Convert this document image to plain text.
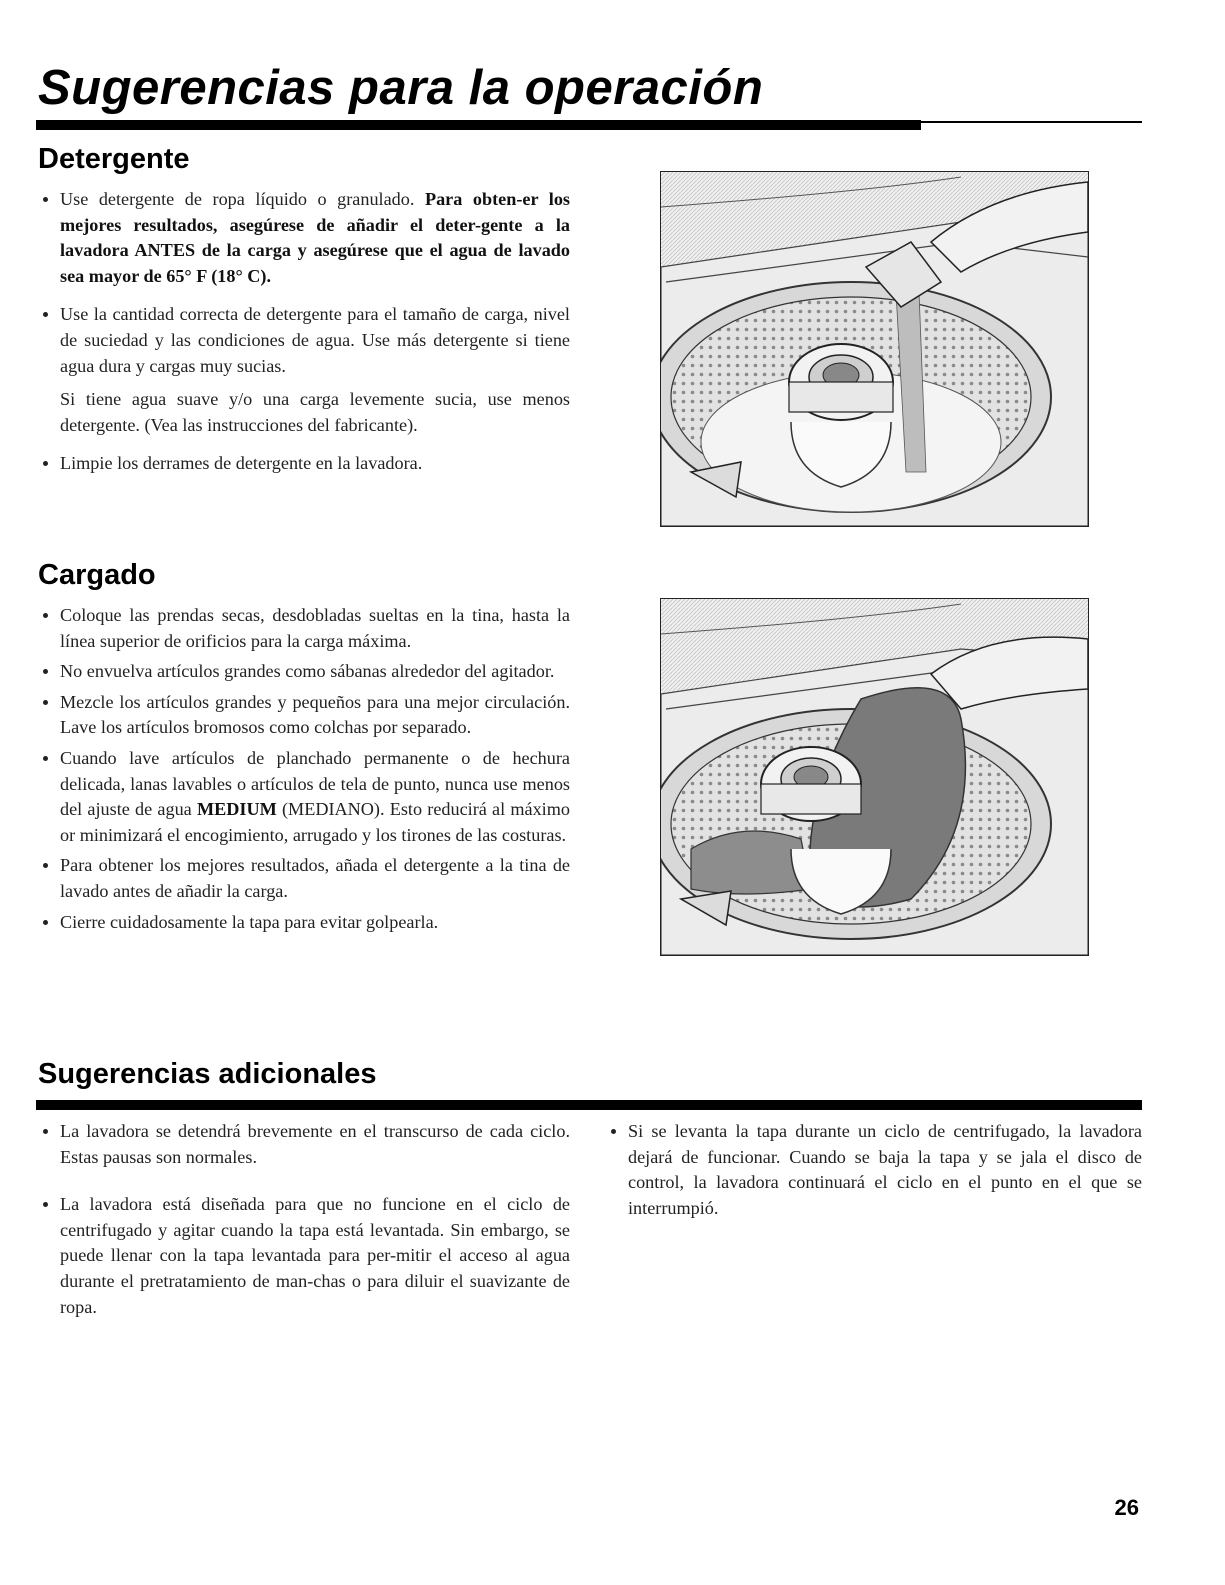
Sugerencias para la operación
Detergente
Use detergente de ropa líquido o granulado. Para obten-er los mejores resultados, asegúrese de añadir el deter-gente a la lavadora ANTES de la carga y asegúrese que el agua de lavado sea mayor de 65° F (18° C).
Use la cantidad correcta de detergente para el tamaño de carga, nivel de suciedad y las condiciones de agua. Use más detergente si tiene agua dura y cargas muy sucias.
Si tiene agua suave y/o una carga levemente sucia, use menos detergente. (Vea las instrucciones del fabricante).
Limpie los derrames de detergente en la lavadora.
Cargado
Coloque las prendas secas, desdobladas sueltas en la tina, hasta la línea superior de orificios para la carga máxima.
No envuelva artículos grandes como sábanas alrededor del agitador.
Mezcle los artículos grandes y pequeños para una mejor circulación. Lave los artículos bromosos como colchas por separado.
Cuando lave artículos de planchado permanente o de hechura delicada, lanas lavables o artículos de tela de punto, nunca use menos del ajuste de agua MEDIUM (MEDIANO). Esto reducirá al máximo or minimizará el encogimiento, arrugado y los tirones de las costuras.
Para obtener los mejores resultados, añada el detergente a la tina de lavado antes de añadir la carga.
Cierre cuidadosamente la tapa para evitar golpearla.
Sugerencias adicionales
La lavadora se detendrá brevemente en el transcurso de cada ciclo. Estas pausas son normales.
La lavadora está diseñada para que no funcione en el ciclo de centrifugado y agitar cuando la tapa está levantada. Sin embargo, se puede llenar con la tapa levantada para per-mitir el acceso al agua durante el pretratamiento de man-chas o para diluir el suavizante de ropa.
Si se levanta la tapa durante un ciclo de centrifugado, la lavadora dejará de funcionar. Cuando se baja la tapa y se jala el disco de control, la lavadora continuará el ciclo en el punto en el que se interrumpió.
26
